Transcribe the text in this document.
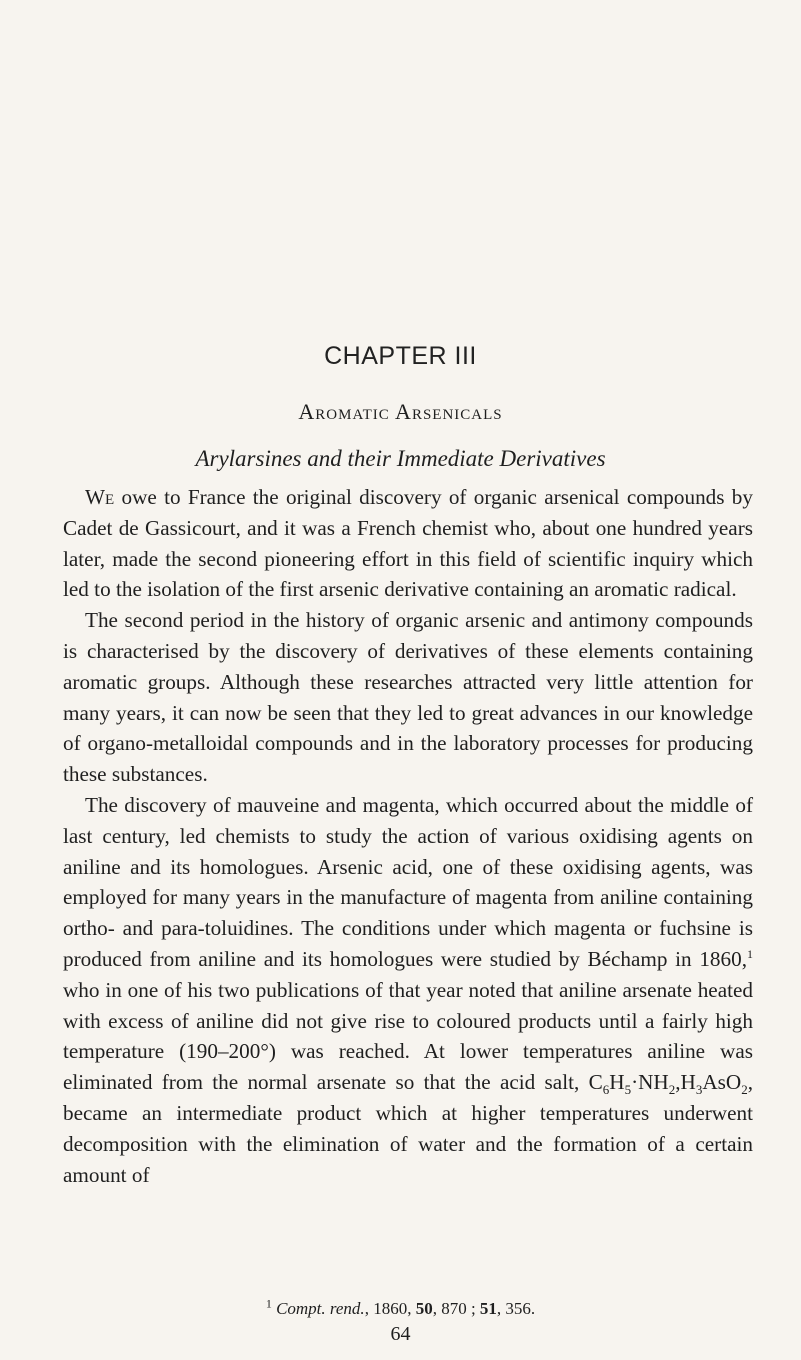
CHAPTER III
Aromatic Arsenicals
Arylarsines and their Immediate Derivatives

We owe to France the original discovery of organic arsenical compounds by Cadet de Gassicourt, and it was a French chemist who, about one hundred years later, made the second pioneering effort in this field of scientific inquiry which led to the isolation of the first arsenic derivative containing an aromatic radical.

The second period in the history of organic arsenic and antimony compounds is characterised by the discovery of derivatives of these elements containing aromatic groups. Although these researches attracted very little attention for many years, it can now be seen that they led to great advances in our knowledge of organo-metalloidal compounds and in the laboratory processes for producing these substances.

The discovery of mauveine and magenta, which occurred about the middle of last century, led chemists to study the action of various oxidising agents on aniline and its homologues. Arsenic acid, one of these oxidising agents, was employed for many years in the manufacture of magenta from aniline containing ortho- and para-toluidines. The conditions under which magenta or fuchsine is produced from aniline and its homologues were studied by Béchamp in 1860,$^1$ who in one of his two publications of that year noted that aniline arsenate heated with excess of aniline did not give rise to coloured products until a fairly high temperature (190–200°) was reached. At lower temperatures aniline was eliminated from the normal arsenate so that the acid salt, $C_6H_5\cdot NH_2,H_3AsO_2$, became an intermediate product which at higher temperatures underwent decomposition with the elimination of water and the formation of a certain amount of

$^1$ Compt. rend., 1860, 50, 870 ; 51, 356.
64
